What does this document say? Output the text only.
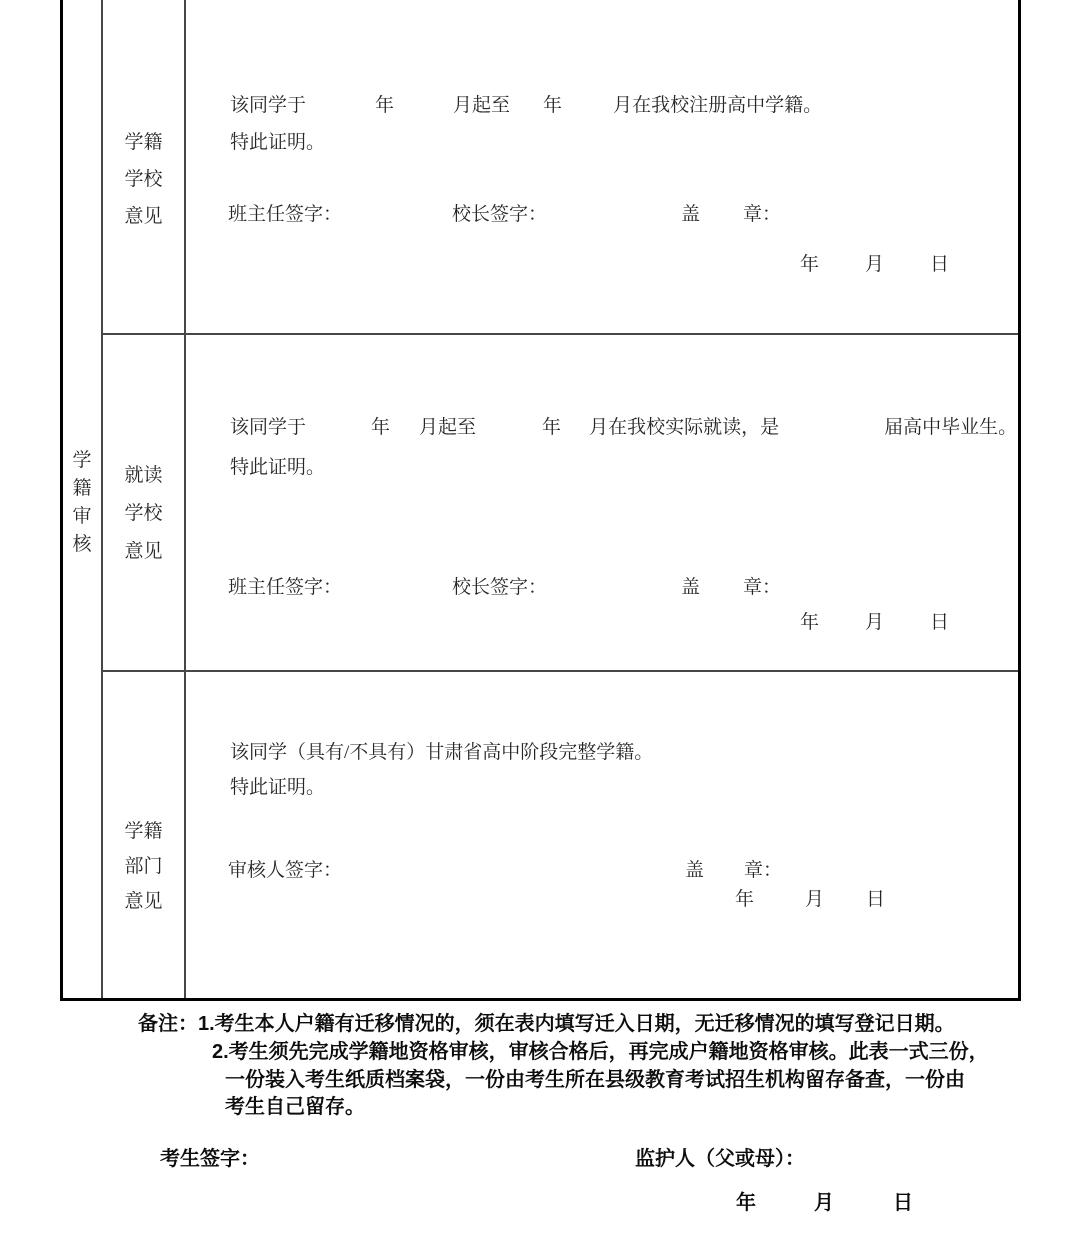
学
籍
审
核
学籍
学校
意见
该同学于	年	月起至 年	月在我校注册高中学籍。
特此证明。
班主任签字：	校长签字：	盖 章：
年 月 日
就读
学校
意见
该同学于	年 月起至	年 月在我校实际就读，是	届高中毕业生。
特此证明。
班主任签字：	校长签字：	盖 章：
年 月 日
学籍
部门
意见
该同学（具有/不具有）甘肃省高中阶段完整学籍。
特此证明。
审核人签字：	盖 章：
年	月 日
备注：1.考生本人户籍有迁移情况的，须在表内填写迁入日期，无迁移情况的填写登记日期。
2.考生须先完成学籍地资格审核，审核合格后，再完成户籍地资格审核。此表一式三份，
一份装入考生纸质档案袋，一份由考生所在县级教育考试招生机构留存备查，一份由
考生自己留存。
考生签字：	监护人（父或母）：
年	月	日
